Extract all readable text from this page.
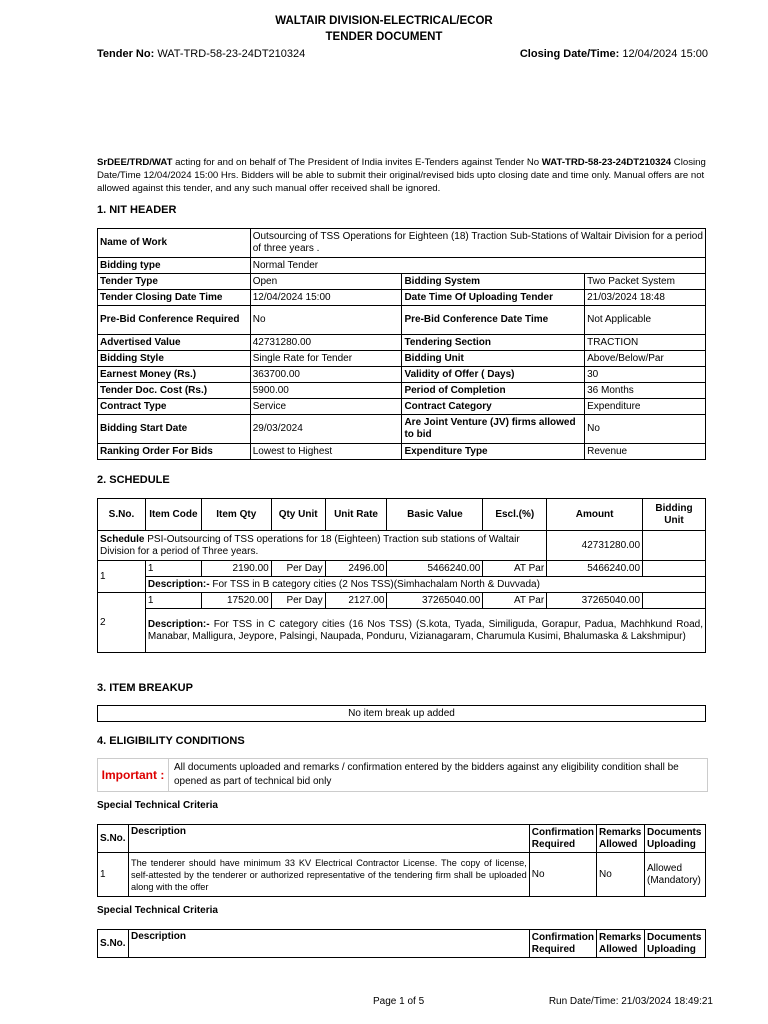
WALTAIR DIVISION-ELECTRICAL/ECOR
TENDER DOCUMENT
Tender No: WAT-TRD-58-23-24DT210324	Closing Date/Time: 12/04/2024 15:00
SrDEE/TRD/WAT acting for and on behalf of The President of India invites E-Tenders against Tender No WAT-TRD-58-23-24DT210324 Closing Date/Time 12/04/2024 15:00 Hrs. Bidders will be able to submit their original/revised bids upto closing date and time only. Manual offers are not allowed against this tender, and any such manual offer received shall be ignored.
1. NIT HEADER
Name of Work	Outsourcing of TSS Operations for Eighteen (18) Traction Sub-Stations of Waltair Division for a period of three years .		
Bidding type	Normal Tender		
Tender Type	Open	Bidding System	Two Packet System
Tender Closing Date Time	12/04/2024 15:00	Date Time Of Uploading Tender	21/03/2024 18:48
Pre-Bid Conference Required	No	Pre-Bid Conference Date Time	Not Applicable
Advertised Value	42731280.00	Tendering Section	TRACTION
Bidding Style	Single Rate for Tender	Bidding Unit	Above/Below/Par
Earnest Money (Rs.)	363700.00	Validity of Offer ( Days)	30
Tender Doc. Cost (Rs.)	5900.00	Period of Completion	36 Months
Contract Type	Service	Contract Category	Expenditure
Bidding Start Date	29/03/2024	Are Joint Venture (JV) firms allowed to bid	No
Ranking Order For Bids	Lowest to Highest	Expenditure Type	Revenue
2. SCHEDULE
S.No.	Item Code	Item Qty	Qty Unit	Unit Rate	Basic Value	Escl.(%)	Amount	Bidding Unit
Schedule PSI-Outsourcing of TSS operations for 18 (Eighteen) Traction sub stations of Waltair Division for a period of Three years.							42731280.00	
1	1	2190.00	Per Day	2496.00	5466240.00	AT Par	5466240.00	
	Description:- For TSS in B category cities (2 Nos TSS)(Simhachalam North & Duvvada)							
2	1	17520.00	Per Day	2127.00	37265040.00	AT Par	37265040.00	
	Description:- For TSS in C category cities (16 Nos TSS) (S.kota, Tyada, Similiguda, Gorapur, Padua, Machhkund Road, Manabar, Malligura, Jeypore, Palsingi, Naupada, Ponduru, Vizianagaram, Charumula Kusimi, Bhalumaska & Lakshmipur)							
3. ITEM BREAKUP
No item break up added
4. ELIGIBILITY CONDITIONS
Important :
All documents uploaded and remarks / confirmation entered by the bidders against any eligibility condition shall be opened as part of technical bid only
Special Technical Criteria
S.No.	Description	Confirmation Required	Remarks Allowed	Documents Uploading
1	The tenderer should have minimum 33 KV Electrical Contractor License. The copy of license, self-attested by the tenderer or authorized representative of the tendering firm shall be uploaded along with the offer	No	No	Allowed (Mandatory)
Special Technical Criteria
S.No.	Description	Confirmation Required	Remarks Allowed	Documents Uploading
Page 1 of 5	Run Date/Time: 21/03/2024 18:49:21
